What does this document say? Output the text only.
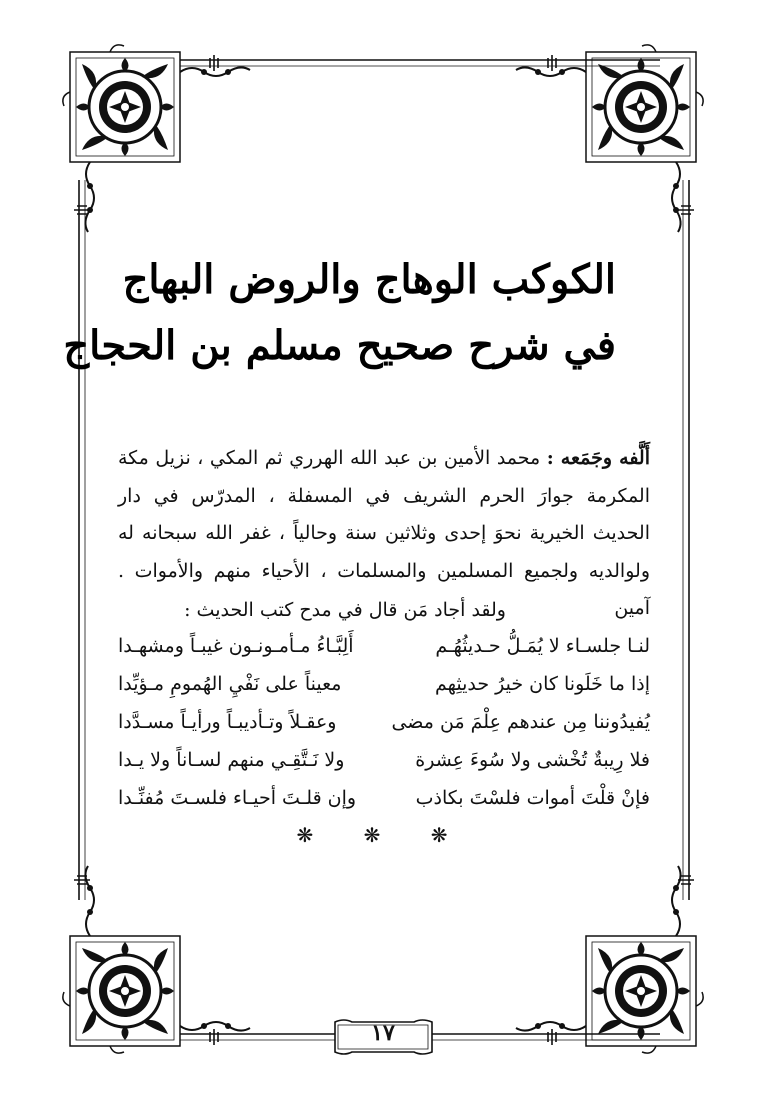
الكوكب الوهاج والروض البهاج
في شرح صحيح مسلم بن الحجاج
أَلَّفه وجَمَعه : محمد الأمين بن عبد الله الهرري ثم المكي ، نزيل مكة المكرمة جوارَ الحرم الشريف في المسفلة ، المدرّس في دار الحديث الخيرية نحوَ إحدى وثلاثين سنة وحالياً ، غفر الله سبحانه له ولوالديه ولجميع المسلمين والمسلمات ، الأحياء منهم والأموات . آمين
ولقد أجاد مَن قال في مدح كتب الحديث :
لنـا جلسـاء لا يُمَـلُّ حـديثُهُـم
أَلِبَّـاءُ مـأمـونـون غيبـاً ومشهـدا
إذا ما خَلَونا كان خيرُ حديثِهم
معيناً على نَفْيِ الهُمومِ مـؤيِّدا
يُفيدُوننا مِن عندهم عِلْمَ مَن مضى
وعقـلاً وتـأديبـاً ورأيـاً مسـدَّدا
فلا رِيبةٌ تُخْشى ولا سُوءَ عِشرة
ولا نَـتَّقِـي منهم لسـاناً ولا يـدا
فإنْ قلْتَ أموات فلسْتَ بكاذب
وإن قلـتَ أحيـاء فلسـتَ مُفنِّـدا
❋ ❋ ❋
١٧
